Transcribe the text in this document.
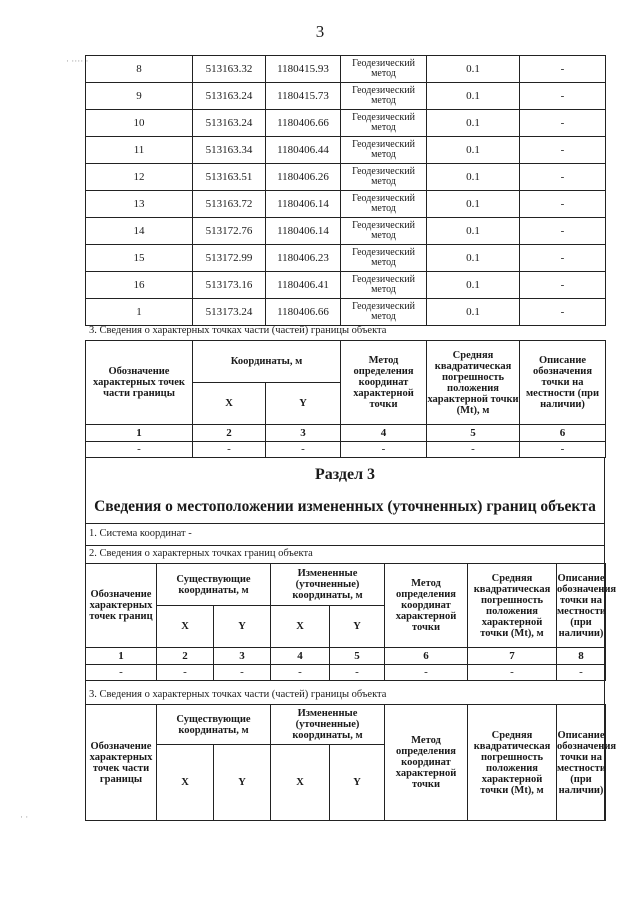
3
· ···· ·
8	513163.32	1180415.93	Геодезический метод	0.1	-
9	513163.24	1180415.73	Геодезический метод	0.1	-
10	513163.24	1180406.66	Геодезический метод	0.1	-
11	513163.34	1180406.44	Геодезический метод	0.1	-
12	513163.51	1180406.26	Геодезический метод	0.1	-
13	513163.72	1180406.14	Геодезический метод	0.1	-
14	513172.76	1180406.14	Геодезический метод	0.1	-
15	513172.99	1180406.23	Геодезический метод	0.1	-
16	513173.16	1180406.41	Геодезический метод	0.1	-
1	513173.24	1180406.66	Геодезический метод	0.1	-
3. Сведения о характерных точках части (частей) границы объекта
Обозначение характерных точек части границы	Координаты, м		Метод определения координат характерной точки	Средняя квадратическая погрешность положения характерной точки (Mt), м	Описание обозначения точки на местности (при наличии)
	X	Y			
1	2	3	4	5	6
-	-	-	-	-	-
Раздел 3
Сведения о местоположении измененных (уточненных) границ объекта
1. Система координат -
2. Сведения о характерных точках границ объекта
Обозначение характерных точек границ	Существующие координаты, м		Измененные (уточненные) координаты, м		Метод определения координат характерной точки	Средняя квадратическая погрешность положения характерной точки (Mt), м	Описание обозначения точки на местности (при наличии)
	X	Y	X	Y			
1	2	3	4	5	6	7	8
-	-	-	-	-	-	-	-
3. Сведения о характерных точках части (частей) границы объекта
Обозначение характерных точек части границы	Существующие координаты, м		Измененные (уточненные) координаты, м		Метод определения координат характерной точки	Средняя квадратическая погрешность положения характерной точки (Mt), м	Описание обозначения точки на местности (при наличии)
	X	Y	X	Y			
· ·
